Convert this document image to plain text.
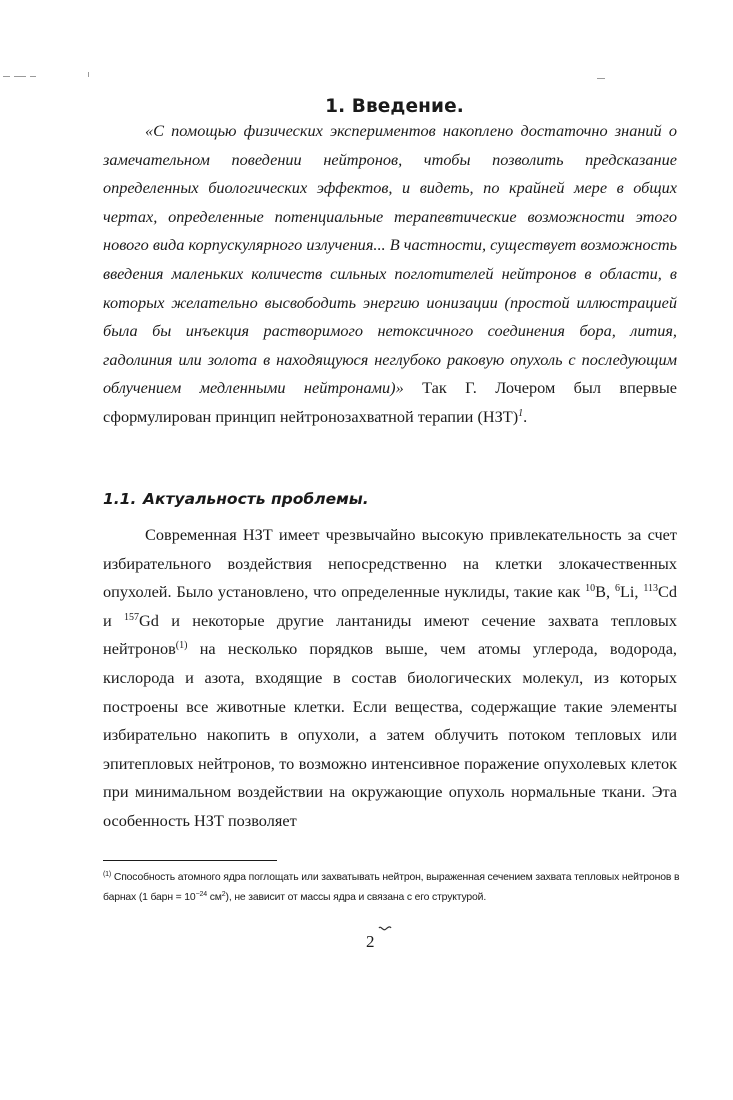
1. Введение.

«С помощью физических экспериментов накоплено достаточно знаний о замечательном поведении нейтронов, чтобы позволить предсказание определенных биологических эффектов, и видеть, по крайней мере в общих чертах, определенные потенциальные терапевтические возможности этого нового вида корпускулярного излучения... В частности, существует возможность введения маленьких количеств сильных поглотителей нейтронов в области, в которых желательно высвободить энергию ионизации (простой иллюстрацией была бы инъекция растворимого нетоксичного соединения бора, лития, гадолиния или золота в находящуюся неглубоко раковую опухоль с последующим облучением медленными нейтронами)» Так Г. Лочером был впервые сформулирован принцип нейтронозахватной терапии (НЗТ)$^1$.

1.1. Актуальность проблемы.

Современная НЗТ имеет чрезвычайно высокую привлекательность за счет избирательного воздействия непосредственно на клетки злокачественных опухолей. Было установлено, что определенные нуклиды, такие как $^{10}$B, $^6$Li, $^{113}$Cd и $^{157}$Gd и некоторые другие лантаниды имеют сечение захвата тепловых нейтронов$^{(1)}$ на несколько порядков выше, чем атомы углерода, водорода, кислорода и азота, входящие в состав биологических молекул, из которых построены все животные клетки. Если вещества, содержащие такие элементы избирательно накопить в опухоли, а затем облучить потоком тепловых или эпитепловых нейтронов, то возможно интенсивное поражение опухолевых клеток при минимальном воздействии на окружающие опухоль нормальные ткани. Эта особенность НЗТ позволяет

$^{(1)}$ Способность атомного ядра поглощать или захватывать нейтрон, выраженная сечением захвата тепловых нейтронов в барнах (1 барн = $10^{-24}$ $см^2$), не зависит от массы ядра и связана с его структурой.

2
